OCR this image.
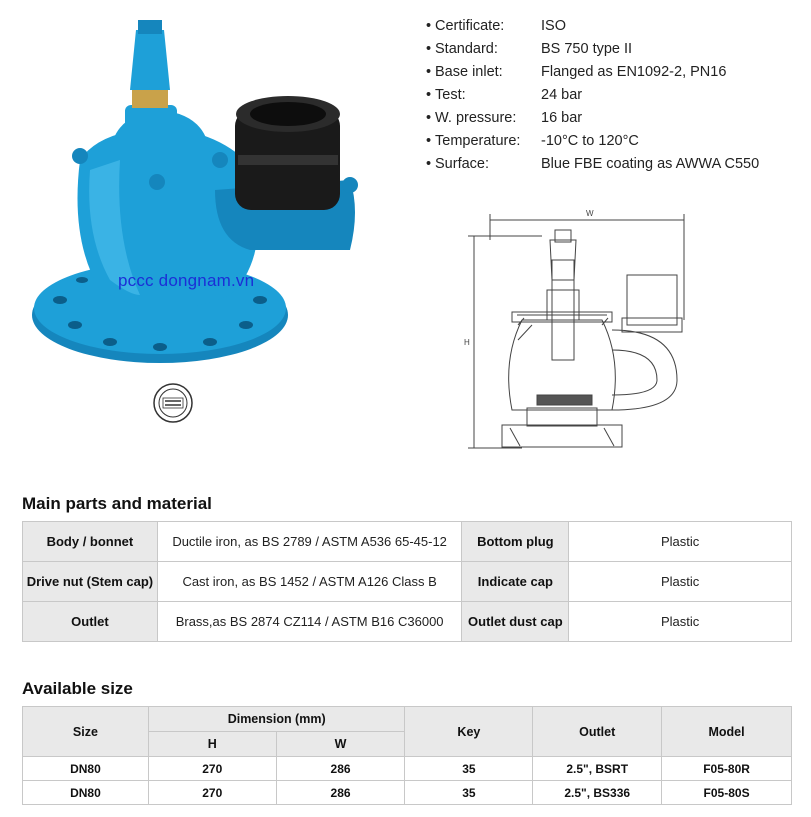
pccc dongnam.vn
• Certificate:	ISO
• Standard:	BS 750 type II
• Base inlet:	Flanged as EN1092-2, PN16
• Test:	24 bar
• W. pressure: 16 bar
• Temperature: -10°C to 120°C
• Surface:	Blue FBE coating as AWWA C550
W
H
Main parts and material
Body / bonnet	Ductile iron, as BS 2789 / ASTM A536 65-45-12	Bottom plug	Plastic
Drive nut (Stem cap)	Cast iron, as BS 1452 / ASTM A126 Class B	Indicate cap	Plastic
Outlet	Brass,as BS 2874 CZ114 / ASTM B16 C36000	Outlet dust cap	Plastic
Available size
Size	Dimension (mm)		Key	Outlet	Model
	H	W			
DN80	270	286	35	2.5", BSRT	F05-80R
DN80	270	286	35	2.5", BS336	F05-80S
